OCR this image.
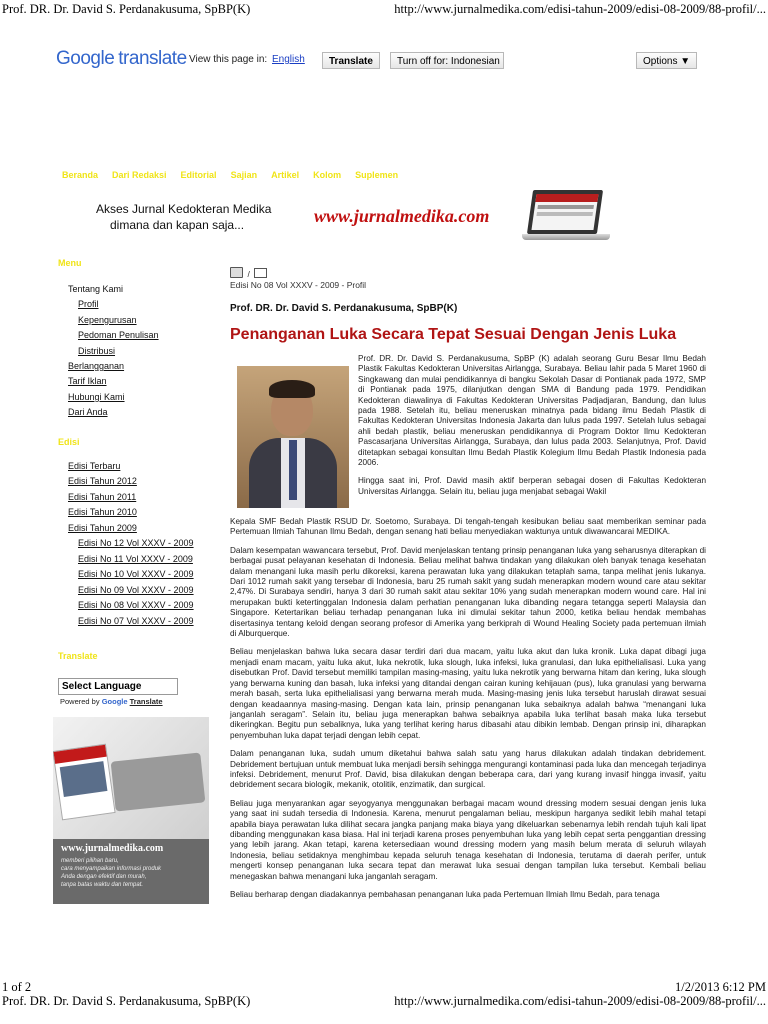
Prof. DR. Dr. David S. Perdanakusuma, SpBP(K)	http://www.jurnalmedika.com/edisi-tahun-2009/edisi-08-2009/88-profil/...
Google translate View this page in: English	Translate	Turn off for: Indonesian	Options ▼
Beranda Dari Redaksi Editorial Sajian Artikel Kolom Suplemen
Akses Jurnal Kedokteran Medika
dimana dan kapan saja...	www.jurnalmedika.com
Menu
Tentang Kami
Profil
Kepengurusan
Pedoman Penulisan
Distribusi
Berlangganan
Tarif Iklan
Hubungi Kami
Dari Anda
Edisi
Edisi Terbaru
Edisi Tahun 2012
Edisi Tahun 2011
Edisi Tahun 2010
Edisi Tahun 2009
Edisi No 12 Vol XXXV - 2009
Edisi No 11 Vol XXXV - 2009
Edisi No 10 Vol XXXV - 2009
Edisi No 09 Vol XXXV - 2009
Edisi No 08 Vol XXXV - 2009
Edisi No 07 Vol XXXV - 2009
Translate
Select Language
Powered by Google Translate
www.jurnalmedika.com
memberi pilihan baru,
cara menyampaikan informasi produk
Anda dengan efektif dan murah,
tanpa batas waktu dan tempat.
/
Edisi No 08 Vol XXXV - 2009 - Profil
Prof. DR. Dr. David S. Perdanakusuma, SpBP(K)
Penanganan Luka Secara Tepat Sesuai Dengan Jenis Luka

Prof. DR. Dr. David S. Perdanakusuma, SpBP (K) adalah seorang Guru Besar Ilmu Bedah Plastik Fakultas Kedokteran Universitas Airlangga, Surabaya. Beliau lahir pada 5 Maret 1960 di Singkawang dan mulai pendidikannya di bangku Sekolah Dasar di Pontianak pada 1972, SMP di Pontianak pada 1975, dilanjutkan dengan SMA di Bandung pada 1979. Pendidikan Kedokteran diawalinya di Fakultas Kedokteran Universitas Padjadjaran, Bandung, dan lulus pada 1988. Setelah itu, beliau meneruskan minatnya pada bidang ilmu Bedah Plastik di Fakultas Kedokteran Universitas Indonesia Jakarta dan lulus pada 1997. Setelah lulus sebagai ahli bedah plastik, beliau meneruskan pendidikannya di Program Doktor Ilmu Kedokteran Pascasarjana Universitas Airlangga, Surabaya, dan lulus pada 2003. Selanjutnya, Prof. David ditetapkan sebagai konsultan Ilmu Bedah Plastik Kolegium Ilmu Bedah Plastik Indonesia pada 2006.

Hingga saat ini, Prof. David masih aktif berperan sebagai dosen di Fakultas Kedokteran Universitas Airlangga. Selain itu, beliau juga menjabat sebagai Wakil

Kepala SMF Bedah Plastik RSUD Dr. Soetomo, Surabaya. Di tengah-tengah kesibukan beliau saat memberikan seminar pada Pertemuan Ilmiah Tahunan Ilmu Bedah, dengan senang hati beliau menyediakan waktunya untuk diwawancarai MEDIKA.

Dalam kesempatan wawancara tersebut, Prof. David menjelaskan tentang prinsip penanganan luka yang seharusnya diterapkan di berbagai pusat pelayanan kesehatan di Indonesia. Beliau melihat bahwa tindakan yang dilakukan oleh banyak tenaga kesehatan dalam menangani luka masih perlu dikoreksi, karena perawatan luka yang dilakukan tetaplah sama, tanpa melihat jenis lukanya. Dari 1012 rumah sakit yang tersebar di Indonesia, baru 25 rumah sakit yang sudah menerapkan modern wound care atau sekitar 2,47%. Di Surabaya sendiri, hanya 3 dari 30 rumah sakit atau sekitar 10% yang sudah menerapkan modern wound care. Hal ini merupakan bukti ketertinggalan Indonesia dalam perhatian penanganan luka dibanding negara tetangga seperti Malaysia dan Singapore. Ketertarikan beliau terhadap penanganan luka ini dimulai sekitar tahun 2000, ketika beliau hendak membahas disertasinya tentang keloid dengan seorang profesor di Amerika yang berkiprah di Wound Healing Society pada pertemuan ilmiah di Alburquerque.

Beliau menjelaskan bahwa luka secara dasar terdiri dari dua macam, yaitu luka akut dan luka kronik. Luka dapat dibagi juga menjadi enam macam, yaitu luka akut, luka nekrotik, luka slough, luka infeksi, luka granulasi, dan luka epithelialisasi. Luka yang disebutkan Prof. David tersebut memiliki tampilan masing-masing, yaitu luka nekrotik yang berwarna hitam dan kering, luka slough yang berwarna kuning dan basah, luka infeksi yang ditandai dengan cairan kuning kehijauan (pus), luka granulasi yang berwarna merah basah, serta luka epithelialisasi yang berwarna merah muda. Masing-masing jenis luka tersebut haruslah dirawat sesuai dengan keadaannya masing-masing. Dengan kata lain, prinsip penanganan luka sebaiknya adalah bahwa “menangani luka janganlah seragam”. Selain itu, beliau juga menerapkan bahwa sebaiknya apabila luka terlihat basah maka luka tersebut dikeringkan. Begitu pun sebaliknya, luka yang terlihat kering harus dibasahi atau dibikin lembab. Dengan prinsip ini, diharapkan penyembuhan luka dapat terjadi dengan lebih cepat.

Dalam penanganan luka, sudah umum diketahui bahwa salah satu yang harus dilakukan adalah tindakan debridement. Debridement bertujuan untuk membuat luka menjadi bersih sehingga mengurangi kontaminasi pada luka dan mencegah terjadinya infeksi. Debridement, menurut Prof. David, bisa dilakukan dengan beberapa cara, dari yang kurang invasif hingga invasif, yaitu debridement secara biologik, mekanik, otolitik, enzimatik, dan surgical.

Beliau juga menyarankan agar seyogyanya menggunakan berbagai macam wound dressing modern sesuai dengan jenis luka yang saat ini sudah tersedia di Indonesia. Karena, menurut pengalaman beliau, meskipun harganya sedikit lebih mahal tetapi apabila biaya perawatan luka dilihat secara jangka panjang maka biaya yang dikeluarkan sebenarnya lebih rendah tujuh kali lipat dibanding menggunakan kasa biasa. Hal ini terjadi karena proses penyembuhan luka yang lebih cepat serta penggantian dressing yang lebih jarang. Akan tetapi, karena ketersediaan wound dressing modern yang masih belum merata di seluruh wilayah Indonesia, beliau setidaknya menghimbau kepada seluruh tenaga kesehatan di Indonesia, terutama di daerah perifer, untuk mengerti konsep penanganan luka secara tepat dan merawat luka sesuai dengan tampilan luka tersebut. Kembali beliau menegaskan bahwa menangani luka janganlah seragam.

Beliau berharap dengan diadakannya pembahasan penanganan luka pada Pertemuan Ilmiah Ilmu Bedah, para tenaga

1 of 2	1/2/2013 6:12 PM
Prof. DR. Dr. David S. Perdanakusuma, SpBP(K)	http://www.jurnalmedika.com/edisi-tahun-2009/edisi-08-2009/88-profil/...
